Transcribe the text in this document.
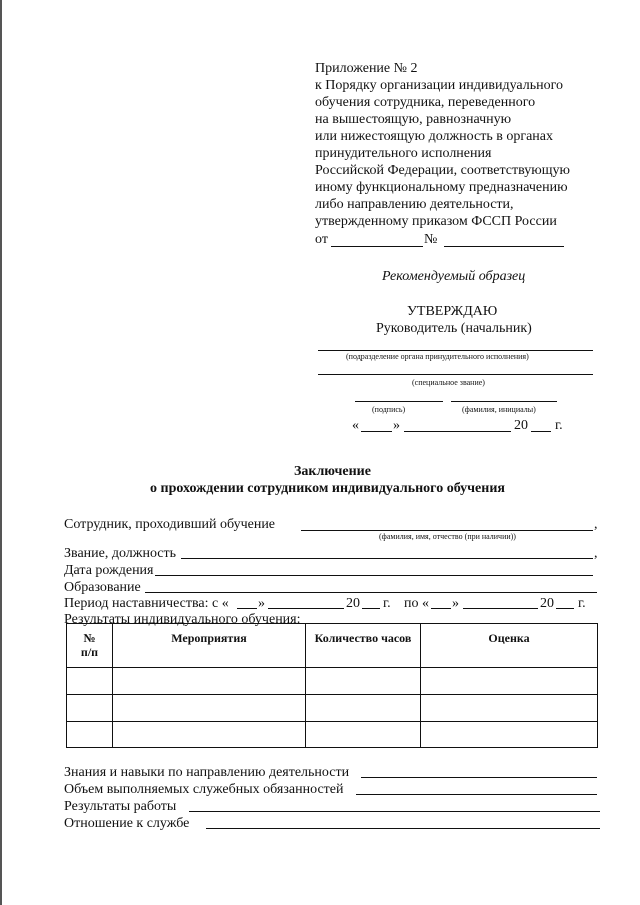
Приложение № 2
к Порядку организации индивидуального
обучения сотрудника, переведенного
на вышестоящую, равнозначную
или нижестоящую должность в органах
принудительного исполнения
Российской Федерации, соответствующую
иному функциональному предназначению
либо направлению деятельности,
утвержденному приказом ФССП России
от	№
Рекомендуемый образец
УТВЕРЖДАЮ
Руководитель (начальник)
(подразделение органа принудительного исполнения)
(специальное звание)
(подпись)	(фамилия, инициалы)
« »	20 г.
Заключение
о прохождении сотрудником индивидуального обучения
Сотрудник, проходивший обучение	,
(фамилия, имя, отчество (при наличии))
Звание, должность	,
Дата рождения
Образование
Период наставничества: с « »	20 г. по « »	20 г.
Результаты индивидуального обучения:
№
п/п	Мероприятия	Количество часов	Оценка

Знания и навыки по направлению деятельности
Объем выполняемых служебных обязанностей
Результаты работы
Отношение к службе
